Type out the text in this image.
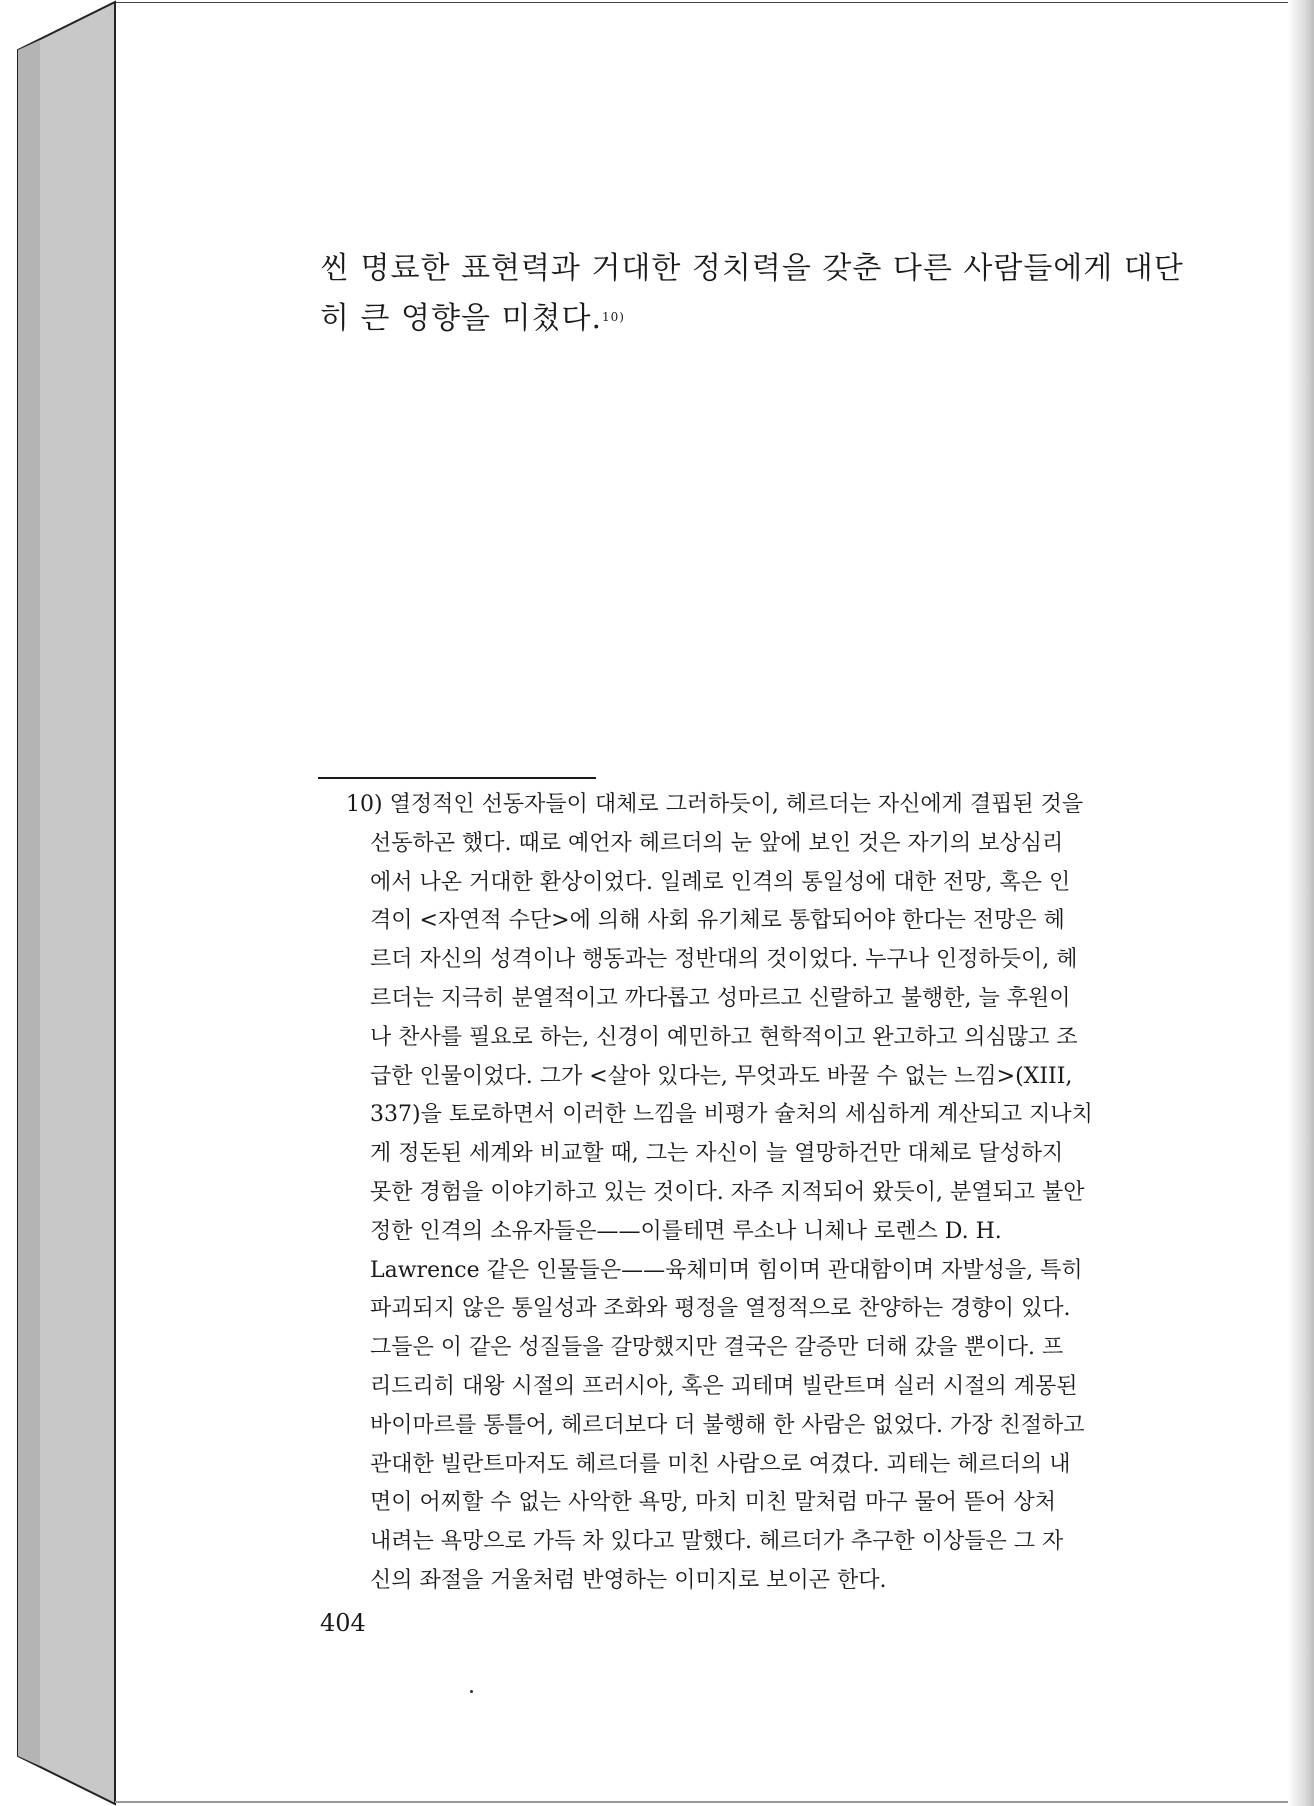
씬 명료한 표현력과 거대한 정치력을 갖춘 다른 사람들에게 대단
히 큰 영향을 미쳤다.$^{10)}$
10) 열정적인 선동자들이 대체로 그러하듯이, 헤르더는 자신에게 결핍된 것을
선동하곤 했다. 때로 예언자 헤르더의 눈 앞에 보인 것은 자기의 보상심리
에서 나온 거대한 환상이었다. 일례로 인격의 통일성에 대한 전망, 혹은 인
격이 <자연적 수단>에 의해 사회 유기체로 통합되어야 한다는 전망은 헤
르더 자신의 성격이나 행동과는 정반대의 것이었다. 누구나 인정하듯이, 헤
르더는 지극히 분열적이고 까다롭고 성마르고 신랄하고 불행한, 늘 후원이
나 찬사를 필요로 하는, 신경이 예민하고 현학적이고 완고하고 의심많고 조
급한 인물이었다. 그가 <살아 있다는, 무엇과도 바꿀 수 없는 느낌>(XIII,
337)을 토로하면서 이러한 느낌을 비평가 슐처의 세심하게 계산되고 지나치
게 정돈된 세계와 비교할 때, 그는 자신이 늘 열망하건만 대체로 달성하지
못한 경험을 이야기하고 있는 것이다. 자주 지적되어 왔듯이, 분열되고 불안
정한 인격의 소유자들은——이를테면 루소나 니체나 로렌스 D. H.
Lawrence 같은 인물들은——육체미며 힘이며 관대함이며 자발성을, 특히
파괴되지 않은 통일성과 조화와 평정을 열정적으로 찬양하는 경향이 있다.
그들은 이 같은 성질들을 갈망했지만 결국은 갈증만 더해 갔을 뿐이다. 프
리드리히 대왕 시절의 프러시아, 혹은 괴테며 빌란트며 실러 시절의 계몽된
바이마르를 통틀어, 헤르더보다 더 불행해 한 사람은 없었다. 가장 친절하고
관대한 빌란트마저도 헤르더를 미친 사람으로 여겼다. 괴테는 헤르더의 내
면이 어찌할 수 없는 사악한 욕망, 마치 미친 말처럼 마구 물어 뜯어 상처
내려는 욕망으로 가득 차 있다고 말했다. 헤르더가 추구한 이상들은 그 자
신의 좌절을 거울처럼 반영하는 이미지로 보이곤 한다.
404
